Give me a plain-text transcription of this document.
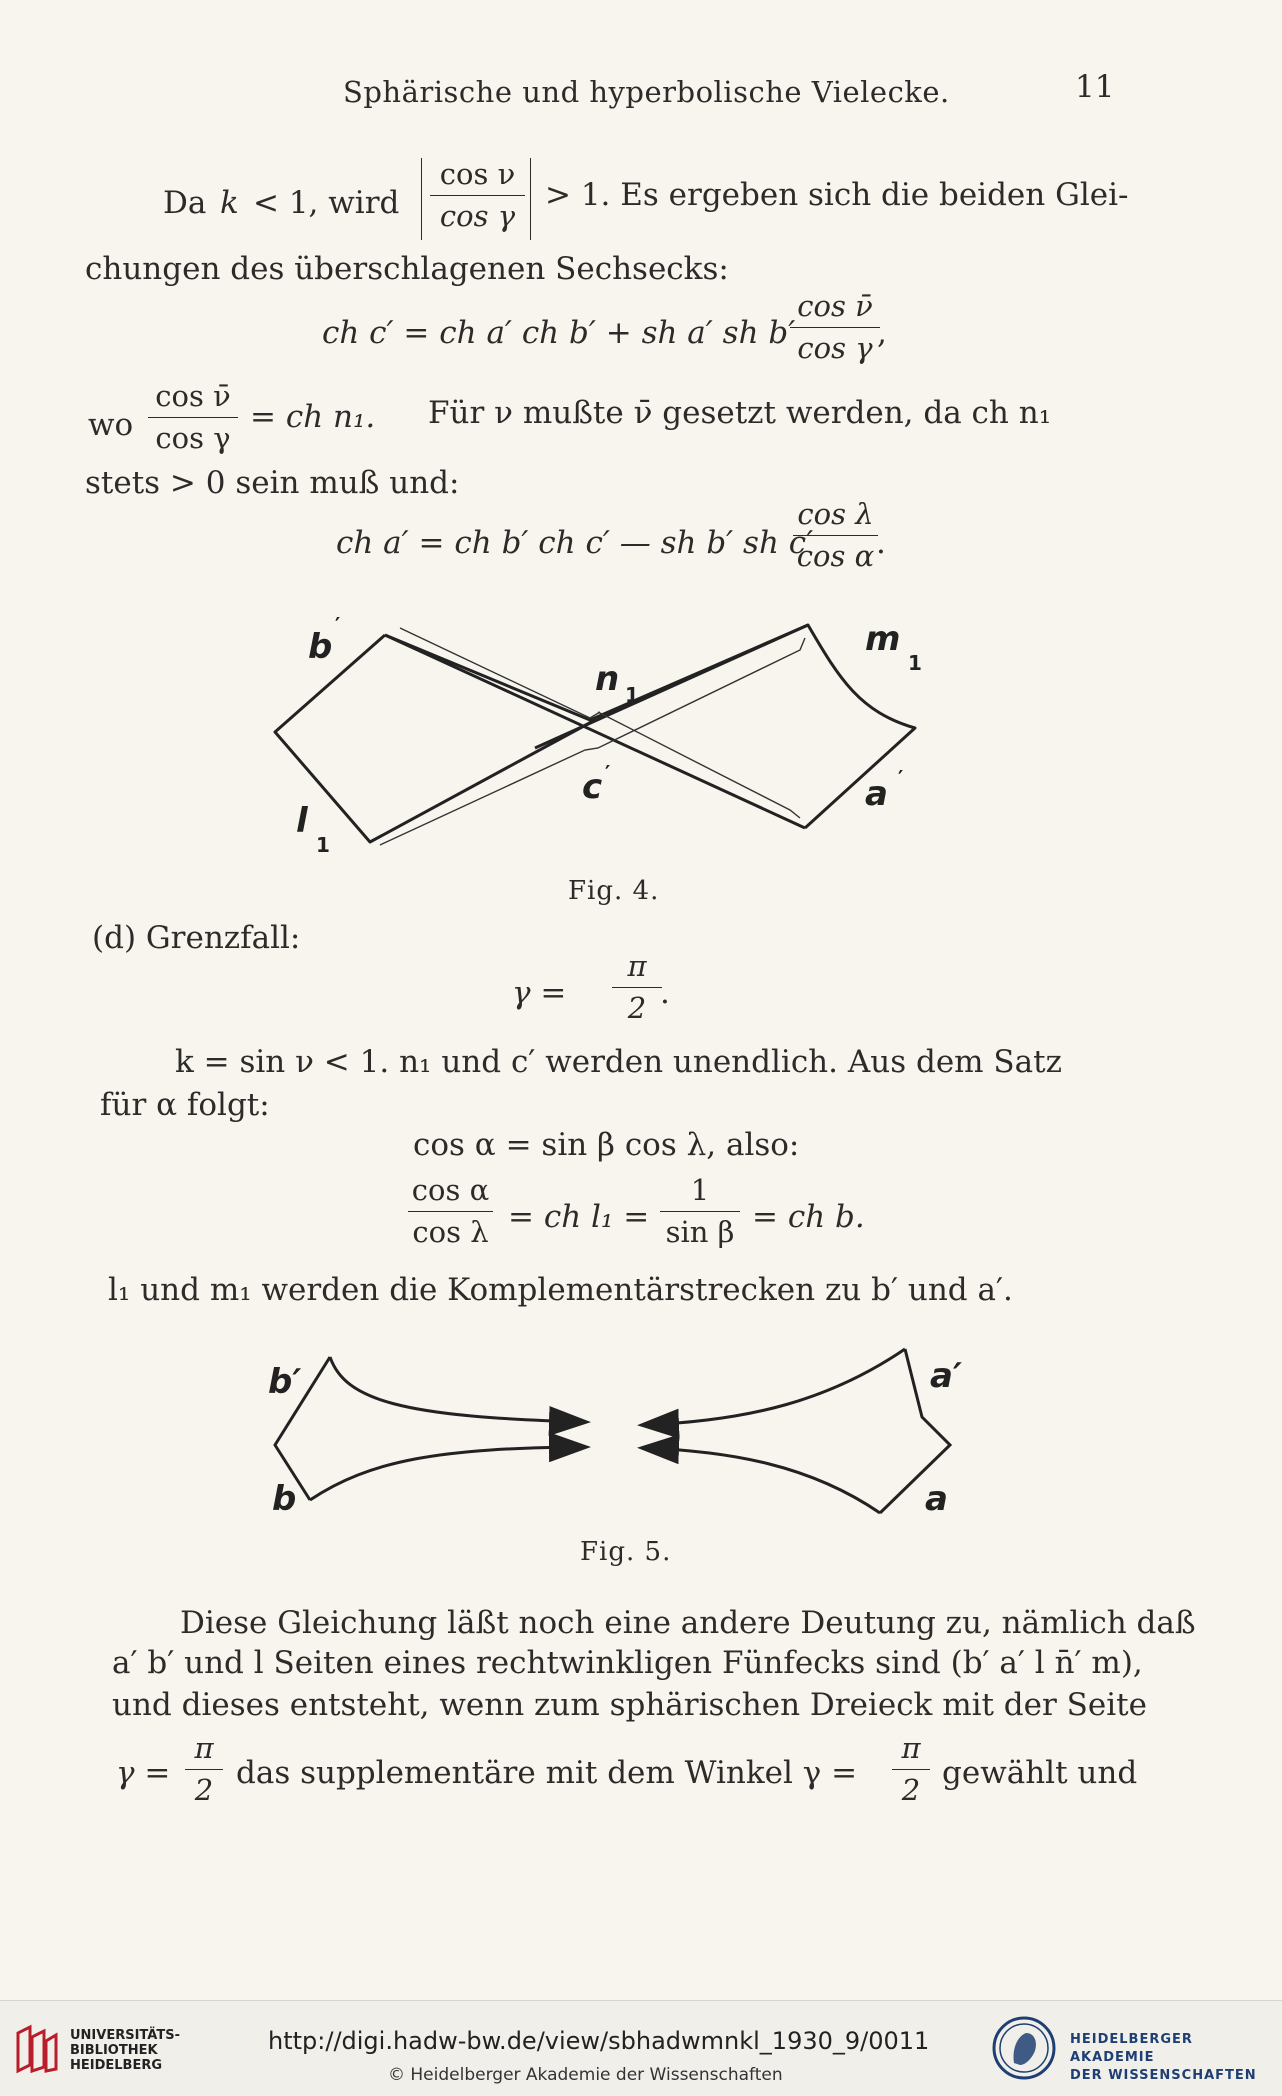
Sphärische und hyperbolische Vielecke.	11
Da k < 1, wird
cos ν
cos γ
> 1. Es ergeben sich die beiden Glei-
chungen des überschlagenen Sechsecks:
ch c′ = ch a′ ch b′ + sh a′ sh b′
cos ν̄
cos γ ,
wo
cos ν̄
cos γ
= ch n₁. Für ν mußte ν̄ gesetzt werden, da ch n₁
stets > 0 sein muß und:
ch a′ = ch b′ ch c′ — sh b′ sh c′
cos λ
cos α .
b
′
n 1
m
1
l
1
c ′
a ′
Fig. 4.
(d) Grenzfall:
γ =
π
2 .
k = sin ν < 1. n₁ und c′ werden unendlich. Aus dem Satz
für α folgt:
cos α = sin β cos λ, also:
cos α
cos λ = ch l₁ =
1
sin β = ch b.
l₁ und m₁ werden die Komplementärstrecken zu b′ und a′.
b′
b
a′
a
Fig. 5.
Diese Gleichung läßt noch eine andere Deutung zu, nämlich daß
a′ b′ und l Seiten eines rechtwinkligen Fünfecks sind (b′ a′ l n̄′ m),
und dieses entsteht, wenn zum sphärischen Dreieck mit der Seite
γ =
π
2 das supplementäre mit dem Winkel γ =
π
2 gewählt und
UNIVERSITÄTS-
BIBLIOTHEK
HEIDELBERG
http://digi.hadw-bw.de/view/sbhadwmnkl_1930_9/0011
© Heidelberger Akademie der Wissenschaften
HEIDELBERGER AKADEMIE
DER WISSENSCHAFTEN
